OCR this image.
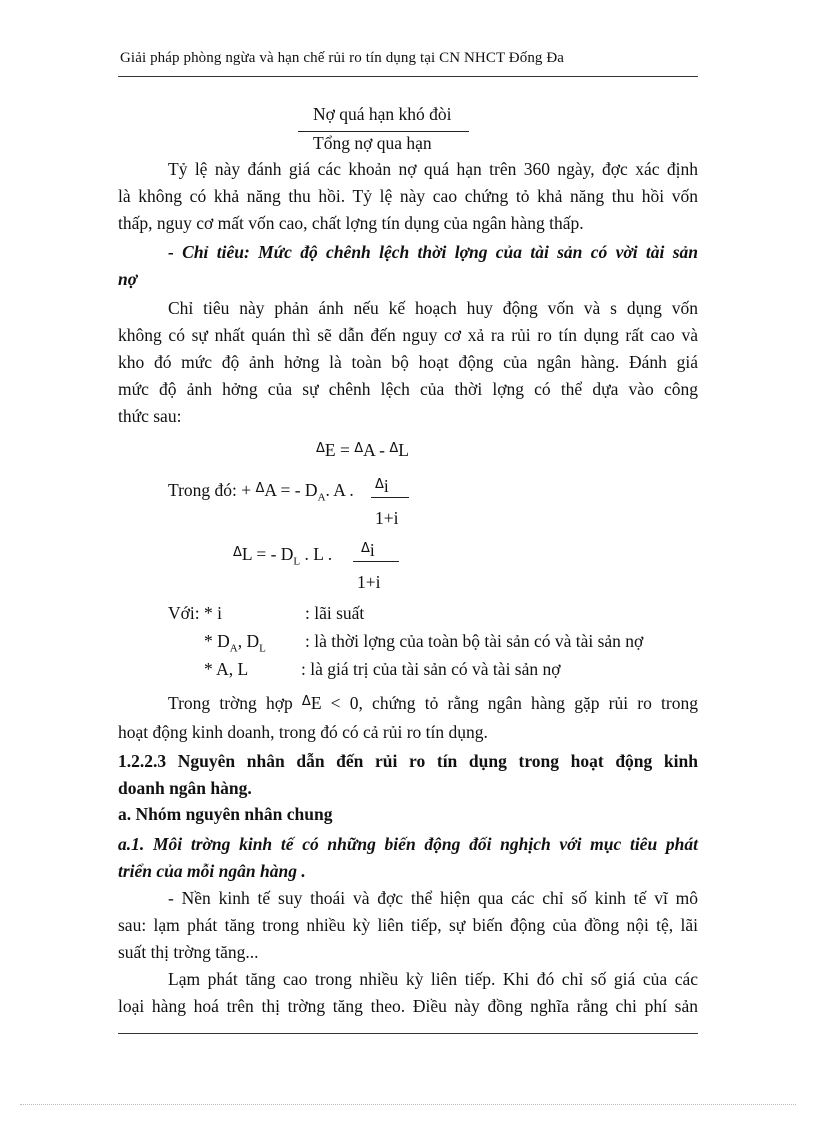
Giải pháp phòng ngừa và hạn chế rủi ro tín dụng tại CN NHCT Đống Đa
Nợ quá hạn khó đòi
Tổng nợ qua hạn
Tỷ lệ này đánh giá các khoản nợ quá hạn trên 360 ngày, đợc xác định
là không có khả năng thu hồi. Tỷ lệ này cao chứng tỏ khả năng thu hồi vốn
thấp, nguy cơ mất vốn cao, chất lợng tín dụng của ngân hàng thấp.
- Chỉ tiêu: Mức độ chênh lệch thời lợng của tài sản có vời tài sản
nợ
Chỉ tiêu này phản ánh nếu kế hoạch huy động vốn và s dụng vốn
không có sự nhất quán thì sẽ dẫn đến nguy cơ xả ra rủi ro tín dụng rất cao và
kho đó mức độ ảnh hởng là toàn bộ hoạt động của ngân hàng. Đánh giá
mức độ ảnh hởng của sự chênh lệch của thời lợng có thể dựa vào công
thức sau:
$^\Delta$E = $^\Delta$A - $^\Delta$L
Trong đó: + $^\Delta$A = - $D_A$. A .	$^\Delta$i
1+i
$^\Delta$L = - $D_L$ . L .	$^\Delta$i
1+i
Với: * i	: lãi suất
* $D_A$, $D_L$ : là thời lợng của toàn bộ tài sản có và tài sản nợ
* A, L	: là giá trị của tài sản có và tài sản nợ
Trong trờng hợp $^\Delta$E < 0, chứng tỏ rằng ngân hàng gặp rủi ro trong
hoạt động kinh doanh, trong đó có cả rủi ro tín dụng.
1.2.2.3 Nguyên nhân dẫn đến rủi ro tín dụng trong hoạt động kinh
doanh ngân hàng.
a. Nhóm nguyên nhân chung
a.1. Môi trờng kinh tế có những biến động đối nghịch với mục tiêu phát
triển của mỗi ngân hàng .
- Nền kinh tế suy thoái và đợc thể hiện qua các chỉ số kinh tế vĩ mô
sau: lạm phát tăng trong nhiều kỳ liên tiếp, sự biến động của đồng nội tệ, lãi
suất thị trờng tăng...
Lạm phát tăng cao trong nhiều kỳ liên tiếp. Khi đó chỉ số giá của các
loại hàng hoá trên thị trờng tăng theo. Điều này đồng nghĩa rằng chi phí sản
